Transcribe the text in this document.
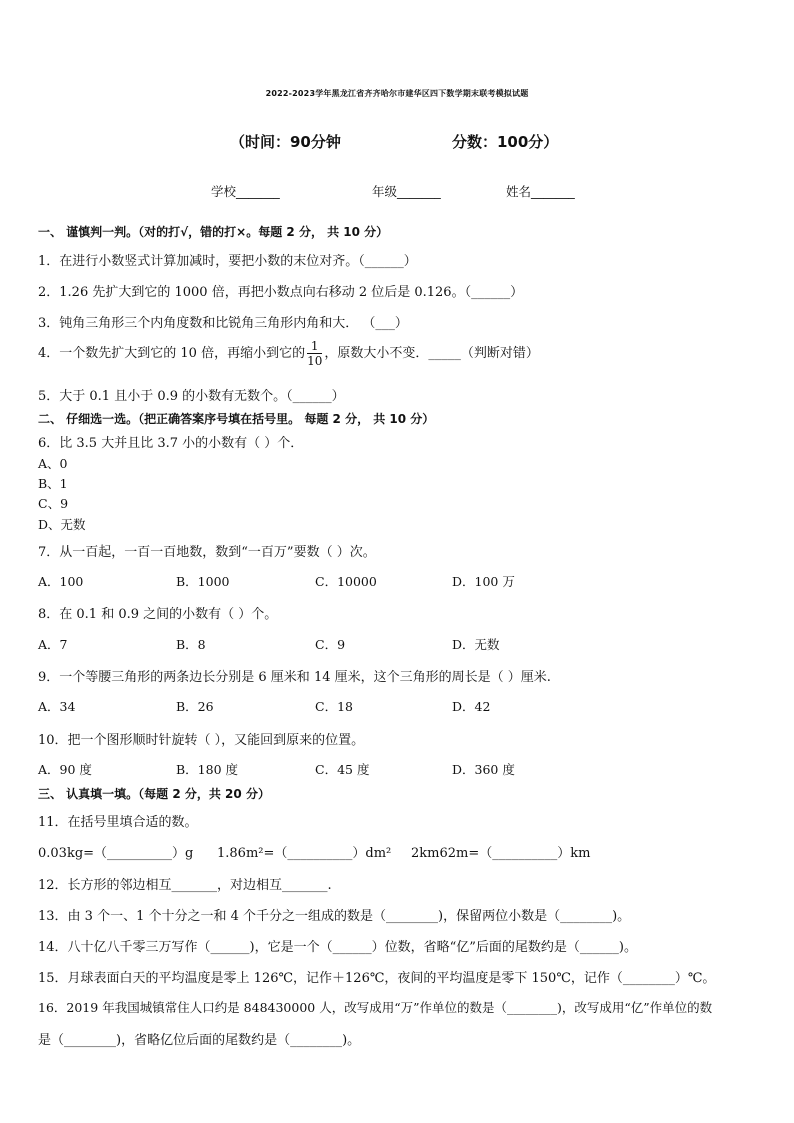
2022-2023学年黑龙江省齐齐哈尔市建华区四下数学期末联考模拟试题
（时间：90分钟	分数：100分）
学校_______	年级_______	姓名_______
一、 谨慎判一判。（对的打√，错的打×。每题 2 分， 共 10 分）
1．在进行小数竖式计算加减时，要把小数的末位对齐。（______）
2．1.26 先扩大到它的 1000 倍，再把小数点向右移动 2 位后是 0.126。（______）
3．钝角三角形三个内角度数和比锐角三角形内角和大． （___）
4．一个数先扩大到它的 10 倍，再缩小到它的 $\frac{1}{10}$ ，原数大小不变．_____（判断对错）
5．大于 0.1 且小于 0.9 的小数有无数个。（______）
二、 仔细选一选。（把正确答案序号填在括号里。 每题 2 分， 共 10 分）
6．比 3.5 大并且比 3.7 小的小数有（ ）个．
A、0
B、1
C、9
D、无数
7．从一百起，一百一百地数，数到“一百万”要数（ ）次。
A．100	B．1000	C．10000	D．100 万
8．在 0.1 和 0.9 之间的小数有（ ）个。
A．7	B．8	C．9	D．无数
9．一个等腰三角形的两条边长分别是 6 厘米和 14 厘米，这个三角形的周长是（ ）厘米.
A．34	B．26	C．18	D．42
10．把一个图形顺时针旋转（ ），又能回到原来的位置。
A．90 度	B．180 度	C．45 度	D．360 度
三、 认真填一填。（每题 2 分，共 20 分）
11．在括号里填合适的数。
0.03kg=（__________）g 1.86m²=（__________）dm² 2km62m=（__________）km
12．长方形的邻边相互_______，对边相互_______.
13．由 3 个一、1 个十分之一和 4 个千分之一组成的数是（________)，保留两位小数是（________)。
14．八十亿八千零三万写作（______)，它是一个（______）位数，省略“亿”后面的尾数约是（______)。
15．月球表面白天的平均温度是零上 126℃，记作＋126℃，夜间的平均温度是零下 150℃，记作（________）℃。
16．2019 年我国城镇常住人口约是 848430000 人，改写成用“万”作单位的数是（________)，改写成用“亿”作单位的数
是（________)，省略亿位后面的尾数约是（________)。
